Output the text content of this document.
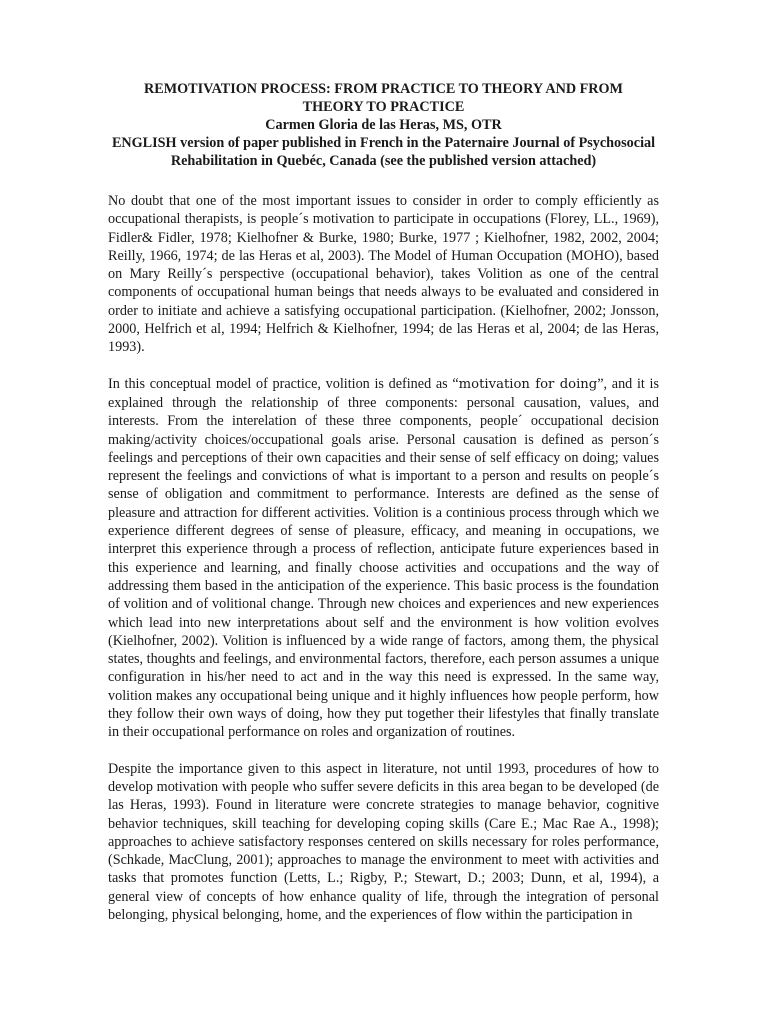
REMOTIVATION PROCESS: FROM PRACTICE TO THEORY AND FROM
THEORY TO PRACTICE
Carmen Gloria de las Heras, MS, OTR
ENGLISH version of paper published in French in the Paternaire Journal of Psychosocial Rehabilitation in Quebéc, Canada (see the published version attached)

No doubt that one of the most important issues to consider in order to comply efficiently as occupational therapists, is people´s motivation to participate in occupations (Florey, LL., 1969), Fidler& Fidler, 1978; Kielhofner & Burke, 1980; Burke, 1977 ; Kielhofner, 1982, 2002, 2004; Reilly, 1966, 1974; de las Heras et al, 2003). The Model of Human Occupation (MOHO), based on Mary Reilly´s perspective (occupational behavior), takes Volition as one of the central components of occupational human beings that needs always to be evaluated and considered in order to initiate and achieve a satisfying occupational participation. (Kielhofner, 2002; Jonsson, 2000, Helfrich et al, 1994; Helfrich & Kielhofner, 1994; de las Heras et al, 2004; de las Heras, 1993).

In this conceptual model of practice, volition is defined as “motivation for doing”, and it is explained through the relationship of three components: personal causation, values, and interests. From the interelation of these three components, people´ occupational decision making/activity choices/occupational goals arise. Personal causation is defined as person´s feelings and perceptions of their own capacities and their sense of self efficacy on doing; values represent the feelings and convictions of what is important to a person and results on people´s sense of obligation and commitment to performance. Interests are defined as the sense of pleasure and attraction for different activities. Volition is a continious process through which we experience different degrees of sense of pleasure, efficacy, and meaning in occupations, we interpret this experience through a process of reflection, anticipate future experiences based in this experience and learning, and finally choose activities and occupations and the way of addressing them based in the anticipation of the experience. This basic process is the foundation of volition and of volitional change. Through new choices and experiences and new experiences which lead into new interpretations about self and the environment is how volition evolves (Kielhofner, 2002). Volition is influenced by a wide range of factors, among them, the physical states, thoughts and feelings, and environmental factors, therefore, each person assumes a unique configuration in his/her need to act and in the way this need is expressed. In the same way, volition makes any occupational being unique and it highly influences how people perform, how they follow their own ways of doing, how they put together their lifestyles that finally translate in their occupational performance on roles and organization of routines.

Despite the importance given to this aspect in literature, not until 1993, procedures of how to develop motivation with people who suffer severe deficits in this area began to be developed (de las Heras, 1993). Found in literature were concrete strategies to manage behavior, cognitive behavior techniques, skill teaching for developing coping skills (Care E.; Mac Rae A., 1998); approaches to achieve satisfactory responses centered on skills necessary for roles performance, (Schkade, MacClung, 2001); approaches to manage the environment to meet with activities and tasks that promotes function (Letts, L.; Rigby, P.; Stewart, D.; 2003; Dunn, et al, 1994), a general view of concepts of how enhance quality of life, through the integration of personal belonging, physical belonging, home, and the experiences of flow within the participation in
